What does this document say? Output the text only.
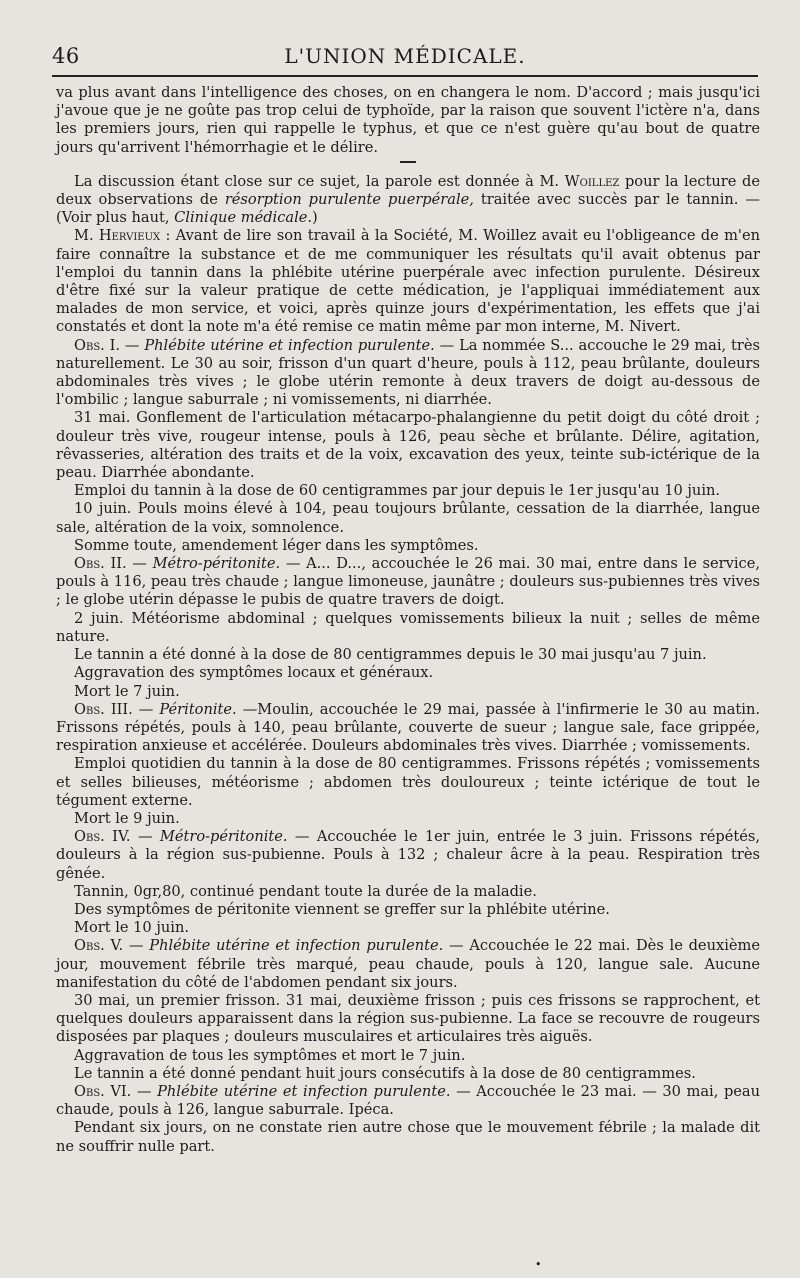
46	L'UNION MÉDICALE.

va plus avant dans l'intelligence des choses, on en changera le nom. D'accord ; mais jusqu'ici j'avoue que je ne goûte pas trop celui de typhoïde, par la raison que souvent l'ictère n'a, dans les premiers jours, rien qui rappelle le typhus, et que ce n'est guère qu'au bout de quatre jours qu'arrivent l'hémorrhagie et le délire.

La discussion étant close sur ce sujet, la parole est donnée à M. Woillez pour la lecture de deux observations de résorption purulente puerpérale, traitée avec succès par le tannin. — (Voir plus haut, Clinique médicale.)

M. Hervieux : Avant de lire son travail à la Société, M. Woillez avait eu l'obligeance de m'en faire connaître la substance et de me communiquer les résultats qu'il avait obtenus par l'emploi du tannin dans la phlébite utérine puerpérale avec infection purulente. Désireux d'être fixé sur la valeur pratique de cette médication, je l'appliquai immédiatement aux malades de mon service, et voici, après quinze jours d'expérimentation, les effets que j'ai constatés et dont la note m'a été remise ce matin même par mon interne, M. Nivert.

Obs. I. — Phlébite utérine et infection purulente. — La nommée S... accouche le 29 mai, très naturellement. Le 30 au soir, frisson d'un quart d'heure, pouls à 112, peau brûlante, douleurs abdominales très vives ; le globe utérin remonte à deux travers de doigt au-dessous de l'ombilic ; langue saburrale ; ni vomissements, ni diarrhée.

31 mai. Gonflement de l'articulation métacarpo-phalangienne du petit doigt du côté droit ; douleur très vive, rougeur intense, pouls à 126, peau sèche et brûlante. Délire, agitation, rêvasseries, altération des traits et de la voix, excavation des yeux, teinte sub-ictérique de la peau. Diarrhée abondante.

Emploi du tannin à la dose de 60 centigrammes par jour depuis le 1er jusqu'au 10 juin.

10 juin. Pouls moins élevé à 104, peau toujours brûlante, cessation de la diarrhée, langue sale, altération de la voix, somnolence.

Somme toute, amendement léger dans les symptômes.

Obs. II. — Métro-péritonite. — A... D..., accouchée le 26 mai. 30 mai, entre dans le service, pouls à 116, peau très chaude ; langue limoneuse, jaunâtre ; douleurs sus-pubiennes très vives ; le globe utérin dépasse le pubis de quatre travers de doigt.

2 juin. Météorisme abdominal ; quelques vomissements bilieux la nuit ; selles de même nature.

Le tannin a été donné à la dose de 80 centigrammes depuis le 30 mai jusqu'au 7 juin.

Aggravation des symptômes locaux et généraux.

Mort le 7 juin.

Obs. III. — Péritonite. —Moulin, accouchée le 29 mai, passée à l'infirmerie le 30 au matin. Frissons répétés, pouls à 140, peau brûlante, couverte de sueur ; langue sale, face grippée, respiration anxieuse et accélérée. Douleurs abdominales très vives. Diarrhée ; vomissements.

Emploi quotidien du tannin à la dose de 80 centigrammes. Frissons répétés ; vomissements et selles bilieuses, météorisme ; abdomen très douloureux ; teinte ictérique de tout le tégument externe.

Mort le 9 juin.

Obs. IV. — Métro-péritonite. — Accouchée le 1er juin, entrée le 3 juin. Frissons répétés, douleurs à la région sus-pubienne. Pouls à 132 ; chaleur âcre à la peau. Respiration très gênée.

Tannin, 0gr,80, continué pendant toute la durée de la maladie.

Des symptômes de péritonite viennent se greffer sur la phlébite utérine.

Mort le 10 juin.

Obs. V. — Phlébite utérine et infection purulente. — Accouchée le 22 mai. Dès le deuxième jour, mouvement fébrile très marqué, peau chaude, pouls à 120, langue sale. Aucune manifestation du côté de l'abdomen pendant six jours.

30 mai, un premier frisson. 31 mai, deuxième frisson ; puis ces frissons se rapprochent, et quelques douleurs apparaissent dans la région sus-pubienne. La face se recouvre de rougeurs disposées par plaques ; douleurs musculaires et articulaires très aiguës.

Aggravation de tous les symptômes et mort le 7 juin.

Le tannin a été donné pendant huit jours consécutifs à la dose de 80 centigrammes.

Obs. VI. — Phlébite utérine et infection purulente. — Accouchée le 23 mai. — 30 mai, peau chaude, pouls à 126, langue saburrale. Ipéca.

Pendant six jours, on ne constate rien autre chose que le mouvement fébrile ; la malade dit ne souffrir nulle part.

•
